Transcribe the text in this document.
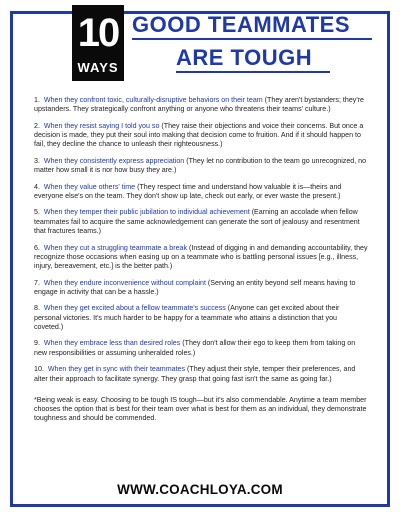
10
WAYS
GOOD TEAMMATES
ARE TOUGH
1. When they confront toxic, culturally-disruptive behaviors on their team (They aren't bystanders; they're upstanders. They strategically confront anything or anyone who threatens their teams' culture.)
2. When they resist saying I told you so (They raise their objections and voice their concerns. But once a decision is made, they put their soul into making that decision come to fruition. And if it should happen to fail, they decline the chance to unleash their righteousness.)
3. When they consistently express appreciation (They let no contribution to the team go unrecognized, no matter how small it is nor how busy they are.)
4. When they value others' time (They respect time and understand how valuable it is—theirs and everyone else's on the team. They don't show up late, check out early, or ever waste the present.)
5. When they temper their public jubilation to individual achievement (Earning an accolade when fellow teammates fail to acquire the same acknowledgement can generate the sort of jealousy and resentment that fractures teams.)
6. When they cut a struggling teammate a break (Instead of digging in and demanding accountability, they recognize those occasions when easing up on a teammate who is battling personal issues [e.g., illness, injury, bereavement, etc.] is the better path.)
7. When they endure inconvenience without complaint (Serving an entity beyond self means having to engage in activity that can be a hassle.)
8. When they get excited about a fellow teammate's success (Anyone can get excited about their personal victories. It's much harder to be happy for a teammate who attains a distinction that you coveted.)
9. When they embrace less than desired roles (They don't allow their ego to keep them from taking on new responsibilities or assuming unheralded roles.)
10. When they get in sync with their teammates (They adjust their style, temper their preferences, and alter their approach to facilitate synergy. They grasp that going fast isn't the same as going far.)
*Being weak is easy. Choosing to be tough IS tough—but it's also commendable. Anytime a team member chooses the option that is best for their team over what is best for them as an individual, they demonstrate toughness and should be commended.
WWW.COACHLOYA.COM
